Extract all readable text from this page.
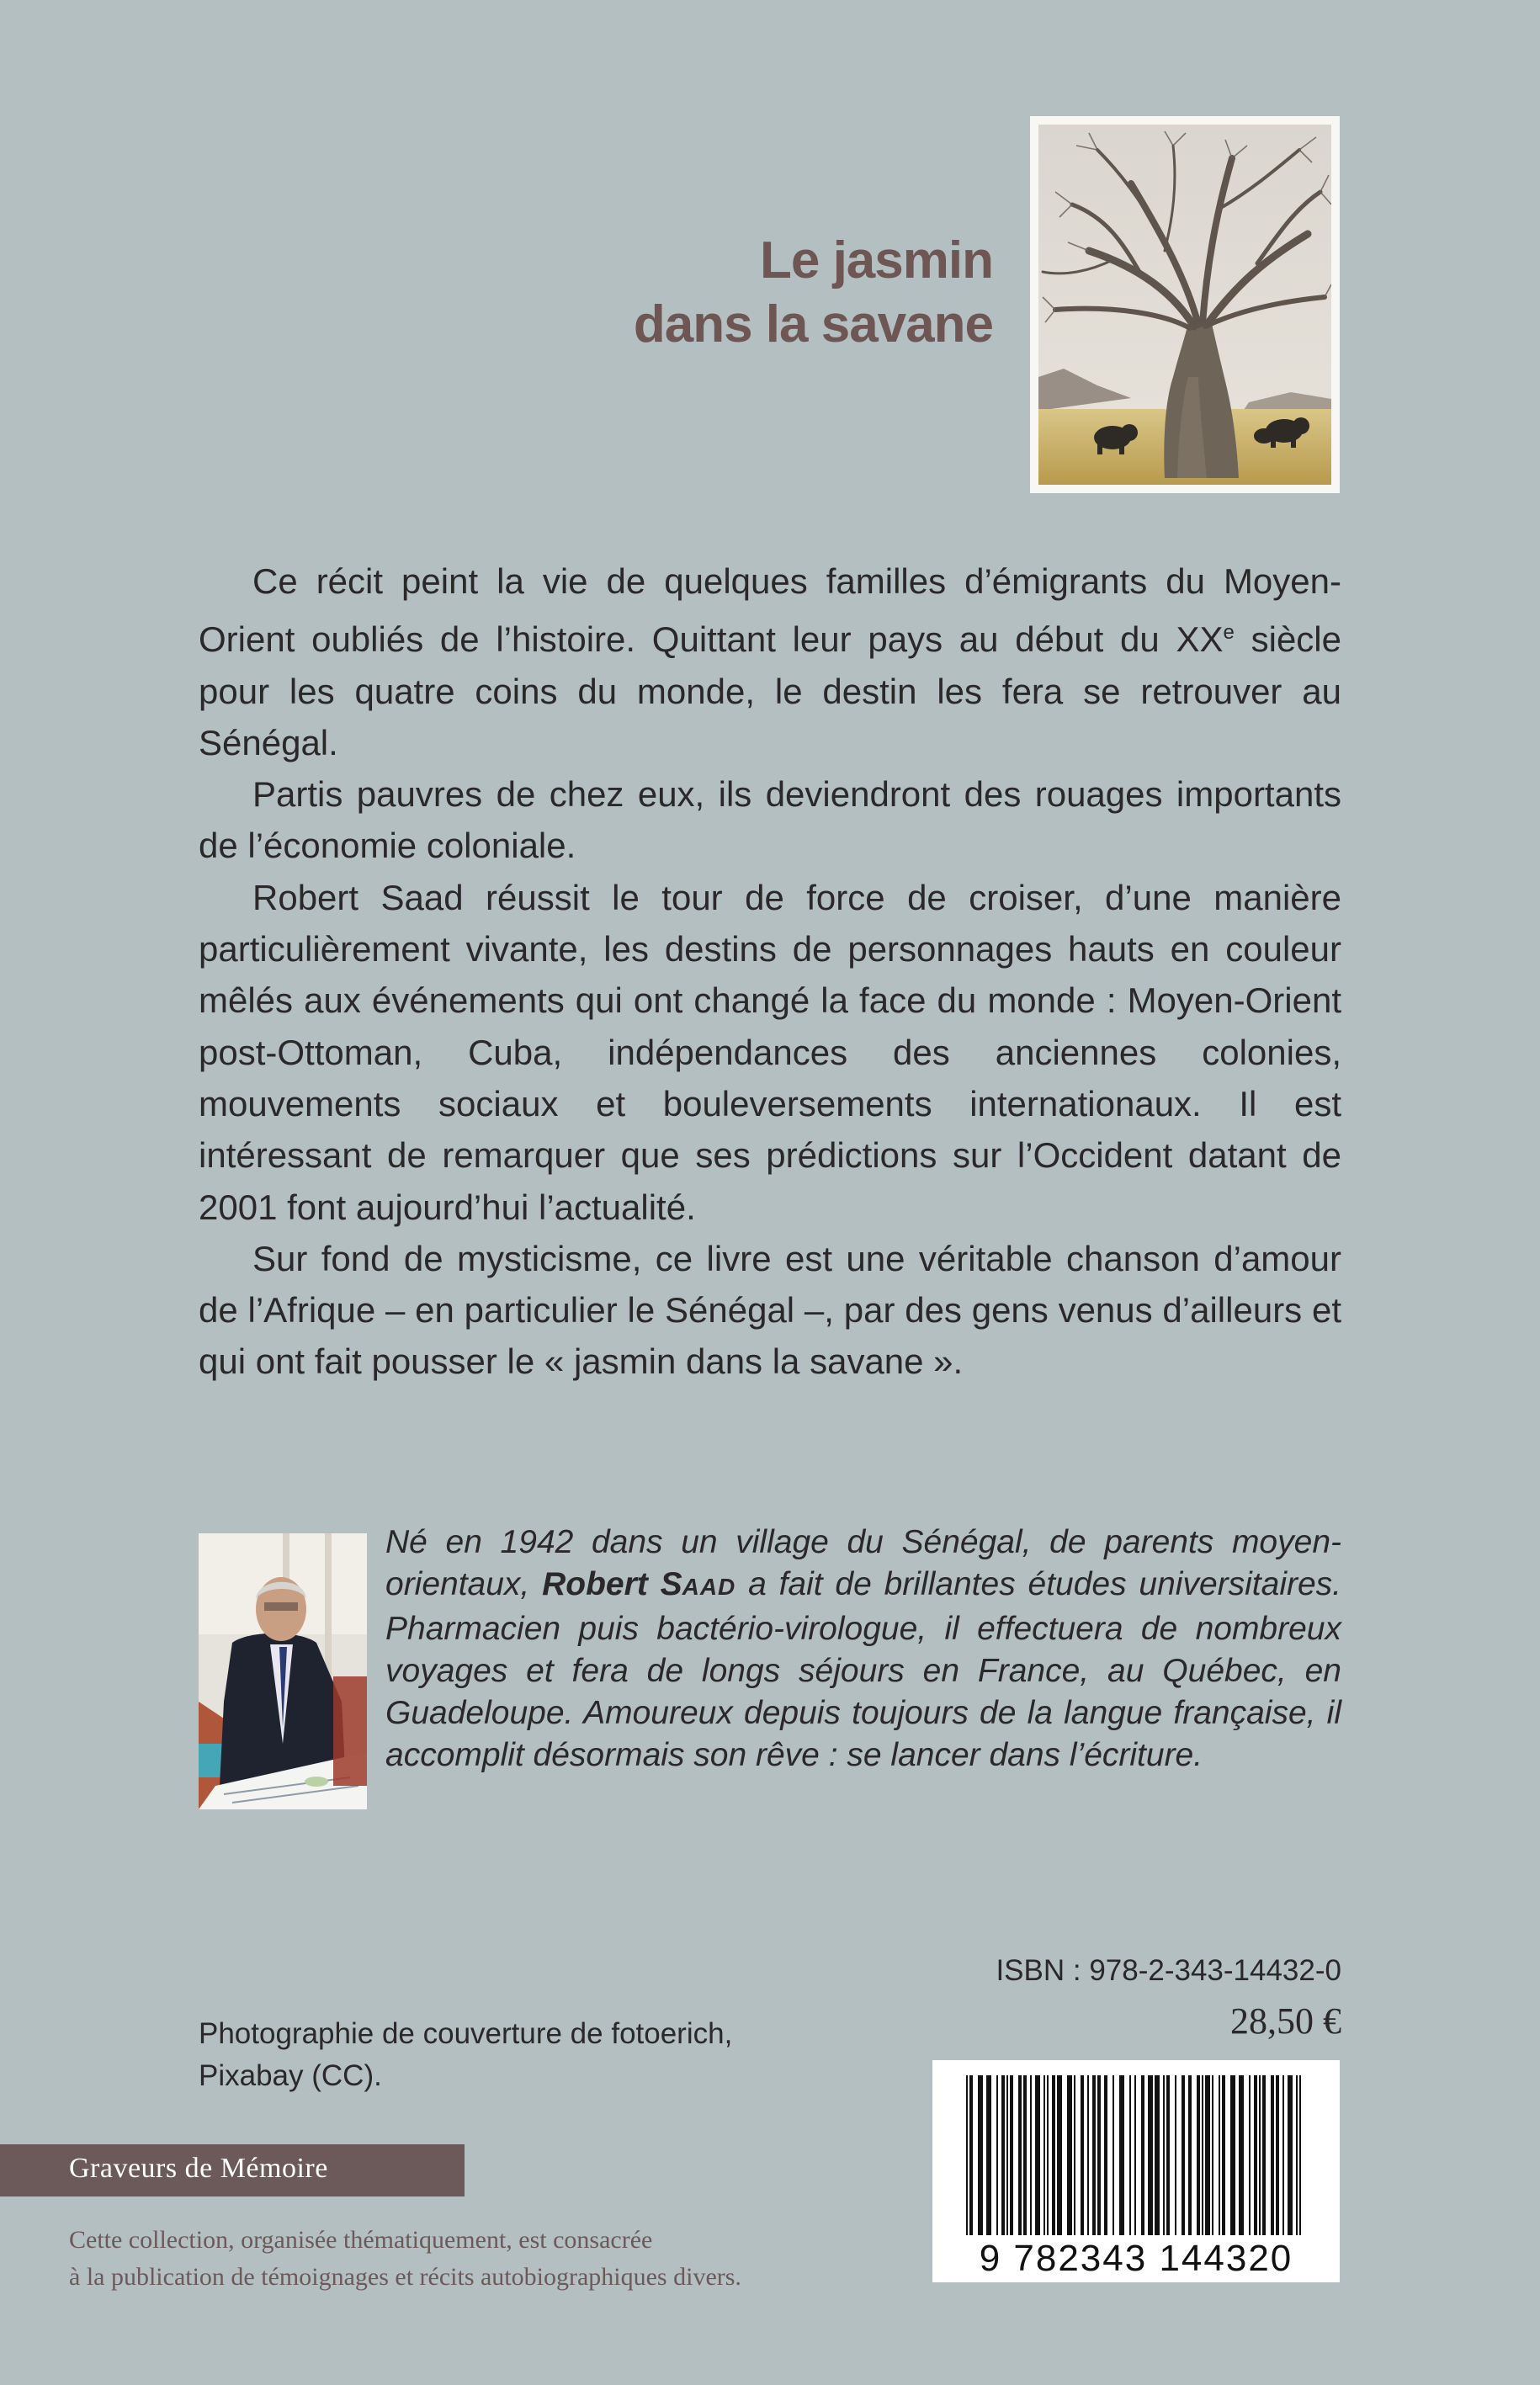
Le jasmin
dans la savane

Ce récit peint la vie de quelques familles d’émigrants du Moyen-Orient oubliés de l’histoire. Quittant leur pays au début du XXe siècle pour les quatre coins du monde, le destin les fera se retrouver au Sénégal.

Partis pauvres de chez eux, ils deviendront des rouages importants de l’économie coloniale.

Robert Saad réussit le tour de force de croiser, d’une manière particulièrement vivante, les destins de personnages hauts en couleur mêlés aux événements qui ont changé la face du monde : Moyen-Orient post-Ottoman, Cuba, indépendances des anciennes colonies, mouvements sociaux et bouleversements internationaux. Il est intéressant de remarquer que ses prédictions sur l’Occident datant de 2001 font aujourd’hui l’actualité.

Sur fond de mysticisme, ce livre est une véritable chanson d’amour de l’Afrique – en particulier le Sénégal –, par des gens venus d’ailleurs et qui ont fait pousser le « jasmin dans la savane ».

Né en 1942 dans un village du Sénégal, de parents moyen-orientaux, Robert SAAD a fait de brillantes études universitaires. Pharmacien puis bactério-virologue, il effectuera de nombreux voyages et fera de longs séjours en France, au Québec, en Guadeloupe. Amoureux depuis toujours de la langue française, il accomplit désormais son rêve : se lancer dans l’écriture.

ISBN : 978-2-343-14432-0
28,50 €
Photographie de couverture de fotoerich,
Pixabay (CC).
9 782343 144320
Graveurs de Mémoire
Cette collection, organisée thématiquement, est consacrée
à la publication de témoignages et récits autobiographiques divers.
